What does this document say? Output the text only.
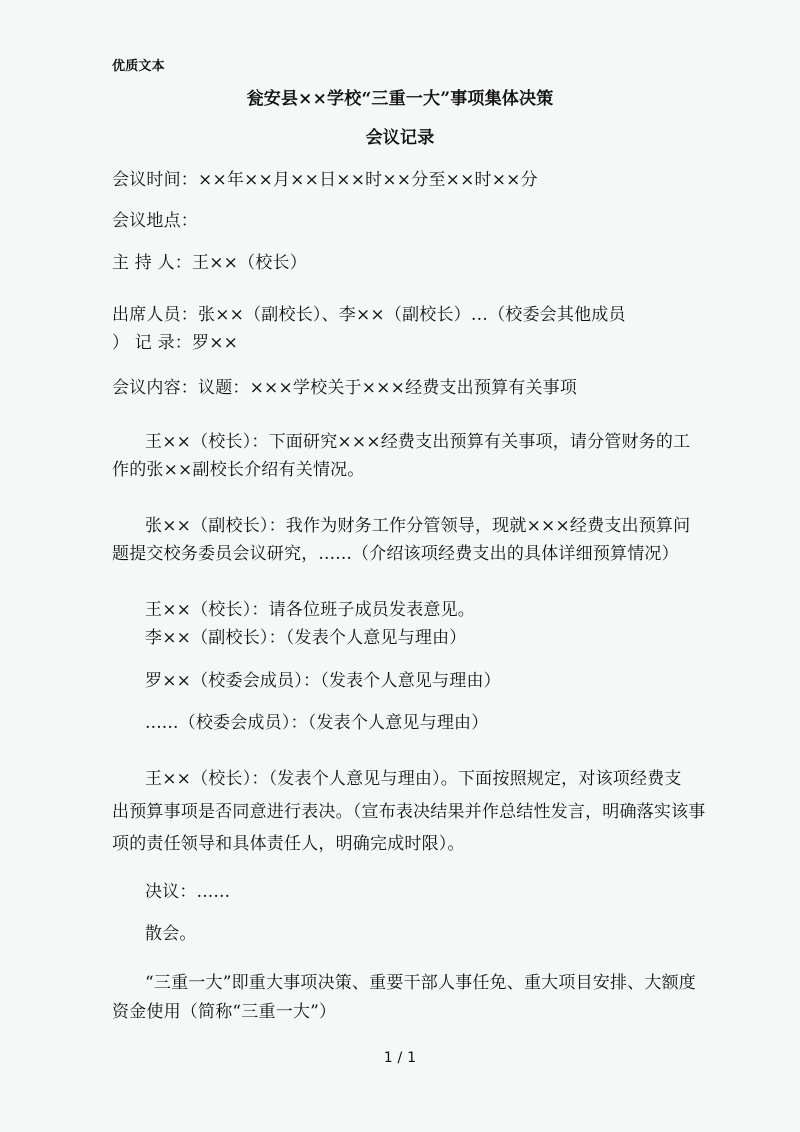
优质文本
瓮安县××学校“三重一大”事项集体决策
会议记录
会议时间：××年××月××日××时××分至××时××分
会议地点：
主 持 人：王××（校长）
出席人员：张××（副校长）、李××（副校长）…（校委会其他成员
） 记 录：罗××
会议内容：议题：×××学校关于×××经费支出预算有关事项
王××（校长）：下面研究×××经费支出预算有关事项，请分管财务的工
作的张××副校长介绍有关情况。
张××（副校长）：我作为财务工作分管领导，现就×××经费支出预算问
题提交校务委员会议研究，......（介绍该项经费支出的具体详细预算情况）
王××（校长）：请各位班子成员发表意见。
李××（副校长）：（发表个人意见与理由）
罗××（校委会成员）：（发表个人意见与理由）
......（校委会成员）：（发表个人意见与理由）
王××（校长）：（发表个人意见与理由）。下面按照规定，对该项经费支
出预算事项是否同意进行表决。（宣布表决结果并作总结性发言，明确落实该事
项的责任领导和具体责任人，明确完成时限）。
决议：......
散会。
“三重一大”即重大事项决策、重要干部人事任免、重大项目安排、大额度
资金使用（简称“三重一大”）
1 / 1
